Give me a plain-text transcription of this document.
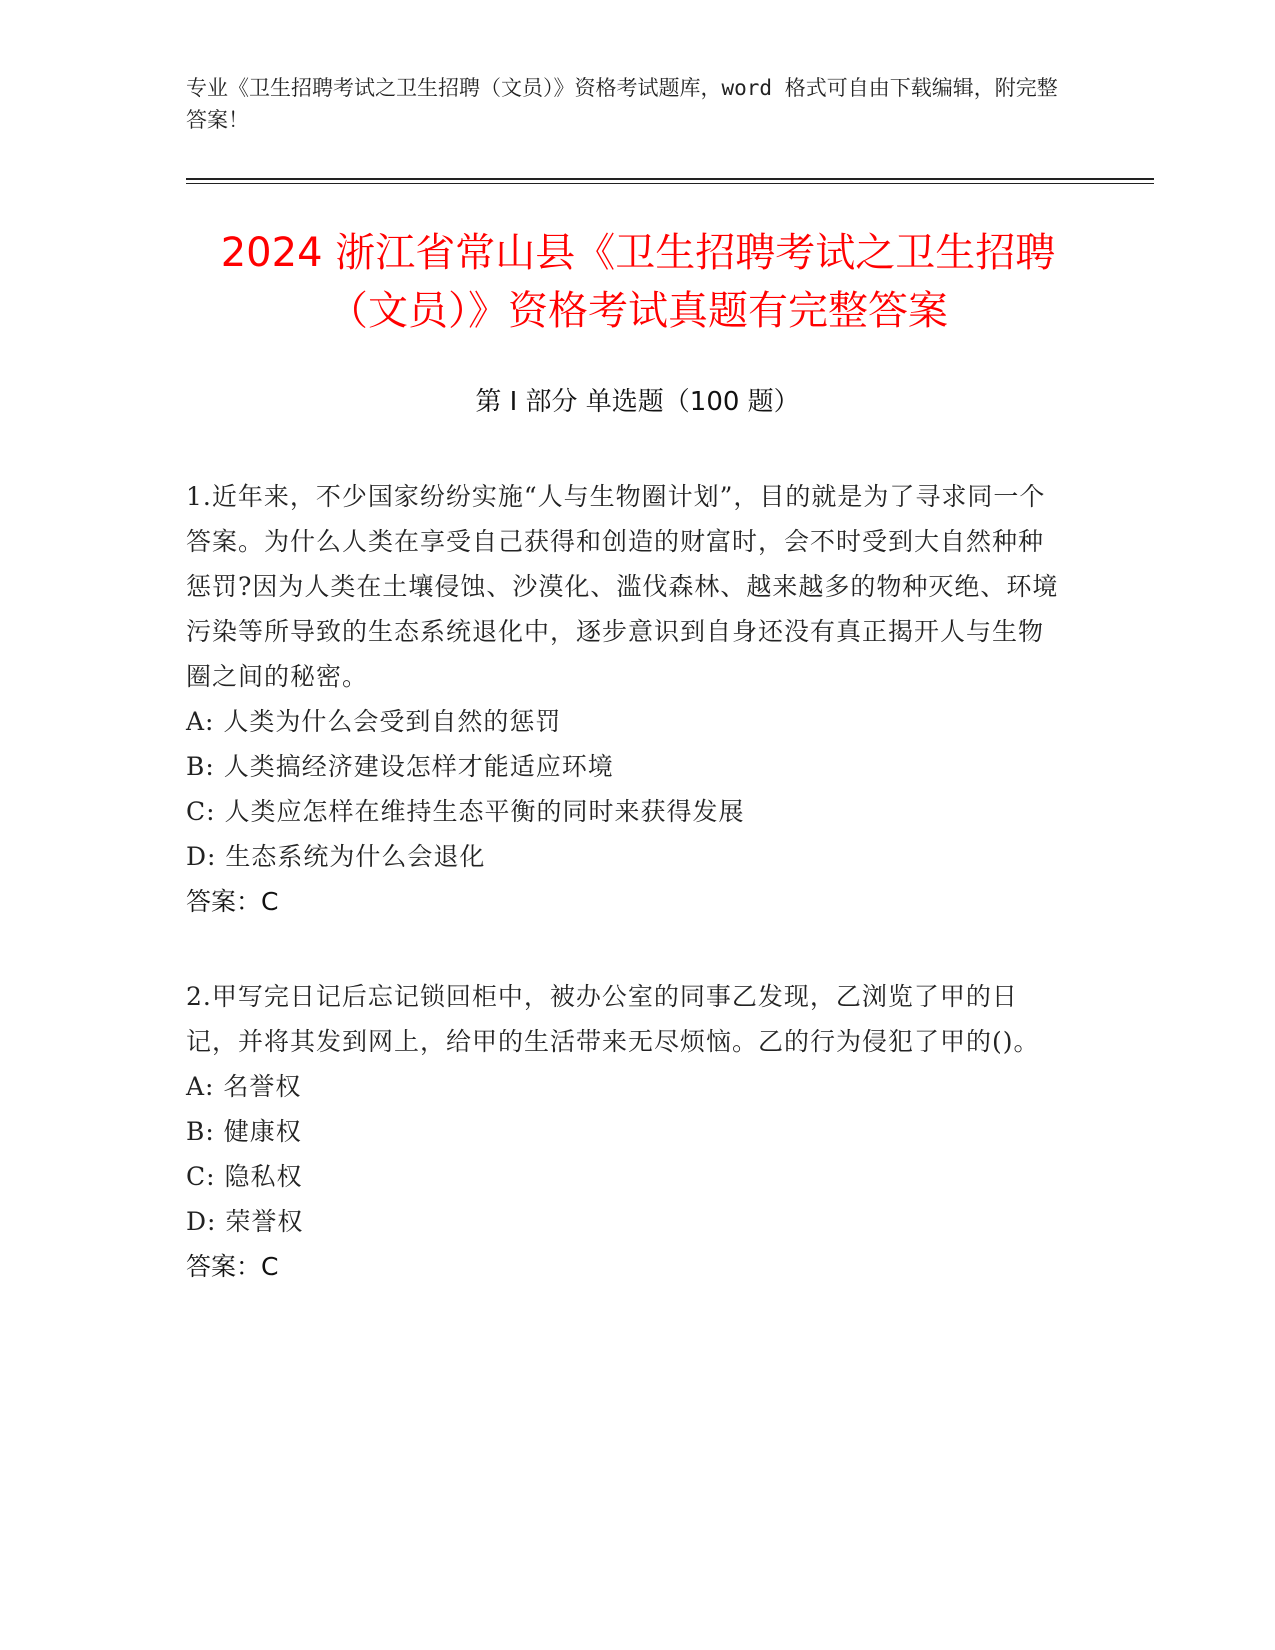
专业《卫生招聘考试之卫生招聘（文员）》资格考试题库，word 格式可自由下载编辑，附完整答案！
2024 浙江省常山县《卫生招聘考试之卫生招聘（文员）》资格考试真题有完整答案
第 I 部分 单选题（100 题）
1.近年来，不少国家纷纷实施“人与生物圈计划”，目的就是为了寻求同一个答案。为什么人类在享受自己获得和创造的财富时，会不时受到大自然种种惩罚?因为人类在土壤侵蚀、沙漠化、滥伐森林、越来越多的物种灭绝、环境污染等所导致的生态系统退化中，逐步意识到自身还没有真正揭开人与生物圈之间的秘密。
A: 人类为什么会受到自然的惩罚
B: 人类搞经济建设怎样才能适应环境
C: 人类应怎样在维持生态平衡的同时来获得发展
D: 生态系统为什么会退化
答案：C
2.甲写完日记后忘记锁回柜中，被办公室的同事乙发现，乙浏览了甲的日记，并将其发到网上，给甲的生活带来无尽烦恼。乙的行为侵犯了甲的()。
A: 名誉权
B: 健康权
C: 隐私权
D: 荣誉权
答案：C
